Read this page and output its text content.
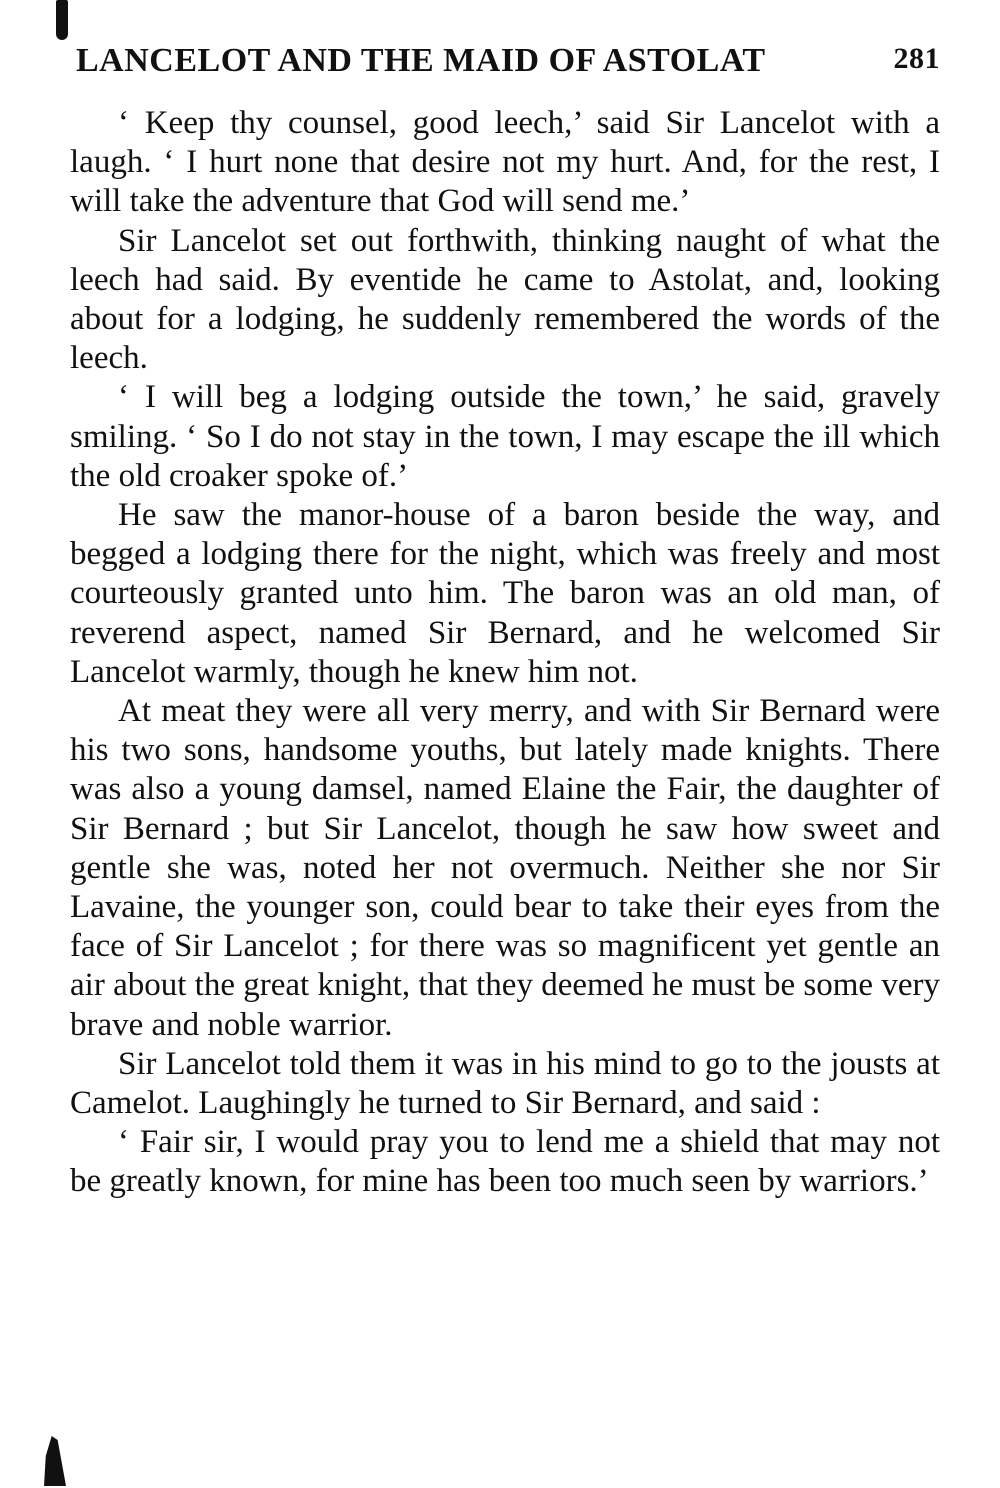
LANCELOT AND THE MAID OF ASTOLAT	281

‘ Keep thy counsel, good leech,’ said Sir Lancelot with a laugh. ‘ I hurt none that desire not my hurt. And, for the rest, I will take the adventure that God will send me.’

Sir Lancelot set out forthwith, thinking naught of what the leech had said. By eventide he came to Astolat, and, looking about for a lodging, he suddenly remembered the words of the leech.

‘ I will beg a lodging outside the town,’ he said, gravely smiling. ‘ So I do not stay in the town, I may escape the ill which the old croaker spoke of.’

He saw the manor-house of a baron beside the way, and begged a lodging there for the night, which was freely and most courteously granted unto him. The baron was an old man, of reverend aspect, named Sir Bernard, and he welcomed Sir Lancelot warmly, though he knew him not.

At meat they were all very merry, and with Sir Bernard were his two sons, handsome youths, but lately made knights. There was also a young damsel, named Elaine the Fair, the daughter of Sir Bernard ; but Sir Lancelot, though he saw how sweet and gentle she was, noted her not overmuch. Neither she nor Sir Lavaine, the younger son, could bear to take their eyes from the face of Sir Lancelot ; for there was so magnificent yet gentle an air about the great knight, that they deemed he must be some very brave and noble warrior.

Sir Lancelot told them it was in his mind to go to the jousts at Camelot. Laughingly he turned to Sir Bernard, and said :

‘ Fair sir, I would pray you to lend me a shield that may not be greatly known, for mine has been too much seen by warriors.’
